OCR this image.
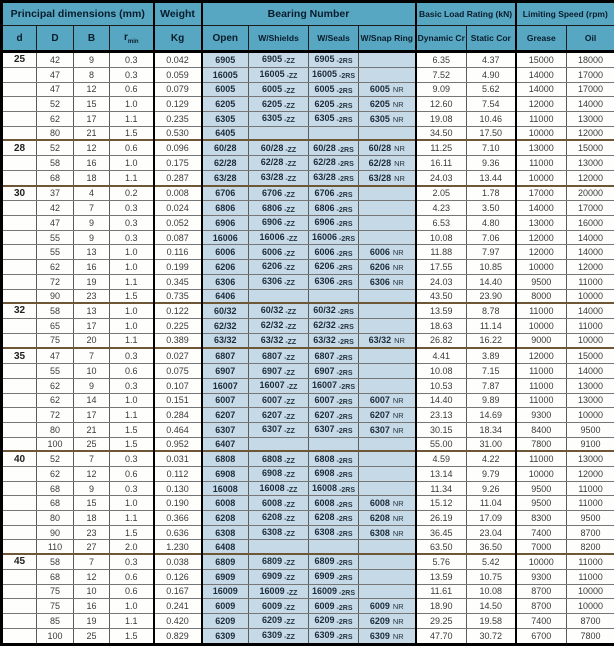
Principal dimensions (mm)				Weight	Bearing Number				Basic Load Rating (kN)		Limiting Speed (rpm)	
d	D	B	$r_{min}$	Kg	Open	W/Shields	W/Seals	W/Snap Ring	Dynamic Cr	Static Cor	Grease	Oil
25	42	9	0.3	0.042	6905	6905 -ZZ	6905 -2RS		6.35	4.37	15000	18000
	47	8	0.3	0.059	16005	16005 -ZZ	16005 -2RS		7.52	4.90	14000	17000
	47	12	0.6	0.079	6005	6005 -ZZ	6005 -2RS	6005 NR	9.09	5.62	14000	17000
	52	15	1.0	0.129	6205	6205 -ZZ	6205 -2RS	6205 NR	12.60	7.54	12000	14000
	62	17	1.1	0.235	6305	6305 -ZZ	6305 -2RS	6305 NR	19.08	10.46	11000	13000
	80	21	1.5	0.530	6405				34.50	17.50	10000	12000
28	52	12	0.6	0.096	60/28	60/28 -ZZ	60/28 -2RS	60/28 NR	11.25	7.10	13000	15000
	58	16	1.0	0.175	62/28	62/28 -ZZ	62/28 -2RS	62/28 NR	16.11	9.36	11000	13000
	68	18	1.1	0.287	63/28	63/28 -ZZ	63/28 -2RS	63/28 NR	24.03	13.44	10000	12000
30	37	4	0.2	0.008	6706	6706 -ZZ	6706 -2RS		2.05	1.78	17000	20000
	42	7	0.3	0.024	6806	6806 -ZZ	6806 -2RS		4.23	3.50	14000	17000
	47	9	0.3	0.052	6906	6906 -ZZ	6906 -2RS		6.53	4.80	13000	16000
	55	9	0.3	0.087	16006	16006 -ZZ	16006 -2RS		10.08	7.06	12000	14000
	55	13	1.0	0.116	6006	6006 -ZZ	6006 -2RS	6006 NR	11.88	7.97	12000	14000
	62	16	1.0	0.199	6206	6206 -ZZ	6206 -2RS	6206 NR	17.55	10.85	10000	12000
	72	19	1.1	0.345	6306	6306 -ZZ	6306 -2RS	6306 NR	24.03	14.40	9500	11000
	90	23	1.5	0.735	6406				43.50	23.90	8000	10000
32	58	13	1.0	0.122	60/32	60/32 -ZZ	60/32 -2RS		13.59	8.78	11000	14000
	65	17	1.0	0.225	62/32	62/32 -ZZ	62/32 -2RS		18.63	11.14	10000	11000
	75	20	1.1	0.389	63/32	63/32 -ZZ	63/32 -2RS	63/32 NR	26.82	16.22	9000	10000
35	47	7	0.3	0.027	6807	6807 -ZZ	6807 -2RS		4.41	3.89	12000	15000
	55	10	0.6	0.075	6907	6907 -ZZ	6907 -2RS		10.08	7.15	11000	14000
	62	9	0.3	0.107	16007	16007 -ZZ	16007 -2RS		10.53	7.87	11000	13000
	62	14	1.0	0.151	6007	6007 -ZZ	6007 -2RS	6007 NR	14.40	9.89	11000	13000
	72	17	1.1	0.284	6207	6207 -ZZ	6207 -2RS	6207 NR	23.13	14.69	9300	10000
	80	21	1.5	0.464	6307	6307 -ZZ	6307 -2RS	6307 NR	30.15	18.34	8400	9500
	100	25	1.5	0.952	6407				55.00	31.00	7800	9100
40	52	7	0.3	0.031	6808	6808 -ZZ	6808 -2RS		4.59	4.22	11000	13000
	62	12	0.6	0.112	6908	6908 -ZZ	6908 -2RS		13.14	9.79	10000	12000
	68	9	0.3	0.130	16008	16008 -ZZ	16008 -2RS		11.34	9.26	9500	11000
	68	15	1.0	0.190	6008	6008 -ZZ	6008 -2RS	6008 NR	15.12	11.04	9500	11000
	80	18	1.1	0.366	6208	6208 -ZZ	6208 -2RS	6208 NR	26.19	17.09	8300	9500
	90	23	1.5	0.636	6308	6308 -ZZ	6308 -2RS	6308 NR	36.45	23.04	7400	8700
	110	27	2.0	1.230	6408				63.50	36.50	7000	8200
45	58	7	0.3	0.038	6809	6809 -ZZ	6809 -2RS		5.76	5.42	10000	11000
	68	12	0.6	0.126	6909	6909 -ZZ	6909 -2RS		13.59	10.75	9300	11000
	75	10	0.6	0.167	16009	16009 -ZZ	16009 -2RS		11.61	10.08	8700	10000
	75	16	1.0	0.241	6009	6009 -ZZ	6009 -2RS	6009 NR	18.90	14.50	8700	10000
	85	19	1.1	0.420	6209	6209 -ZZ	6209 -2RS	6209 NR	29.25	19.58	7400	8700
	100	25	1.5	0.829	6309	6309 -ZZ	6309 -2RS	6309 NR	47.70	30.72	6700	7800
